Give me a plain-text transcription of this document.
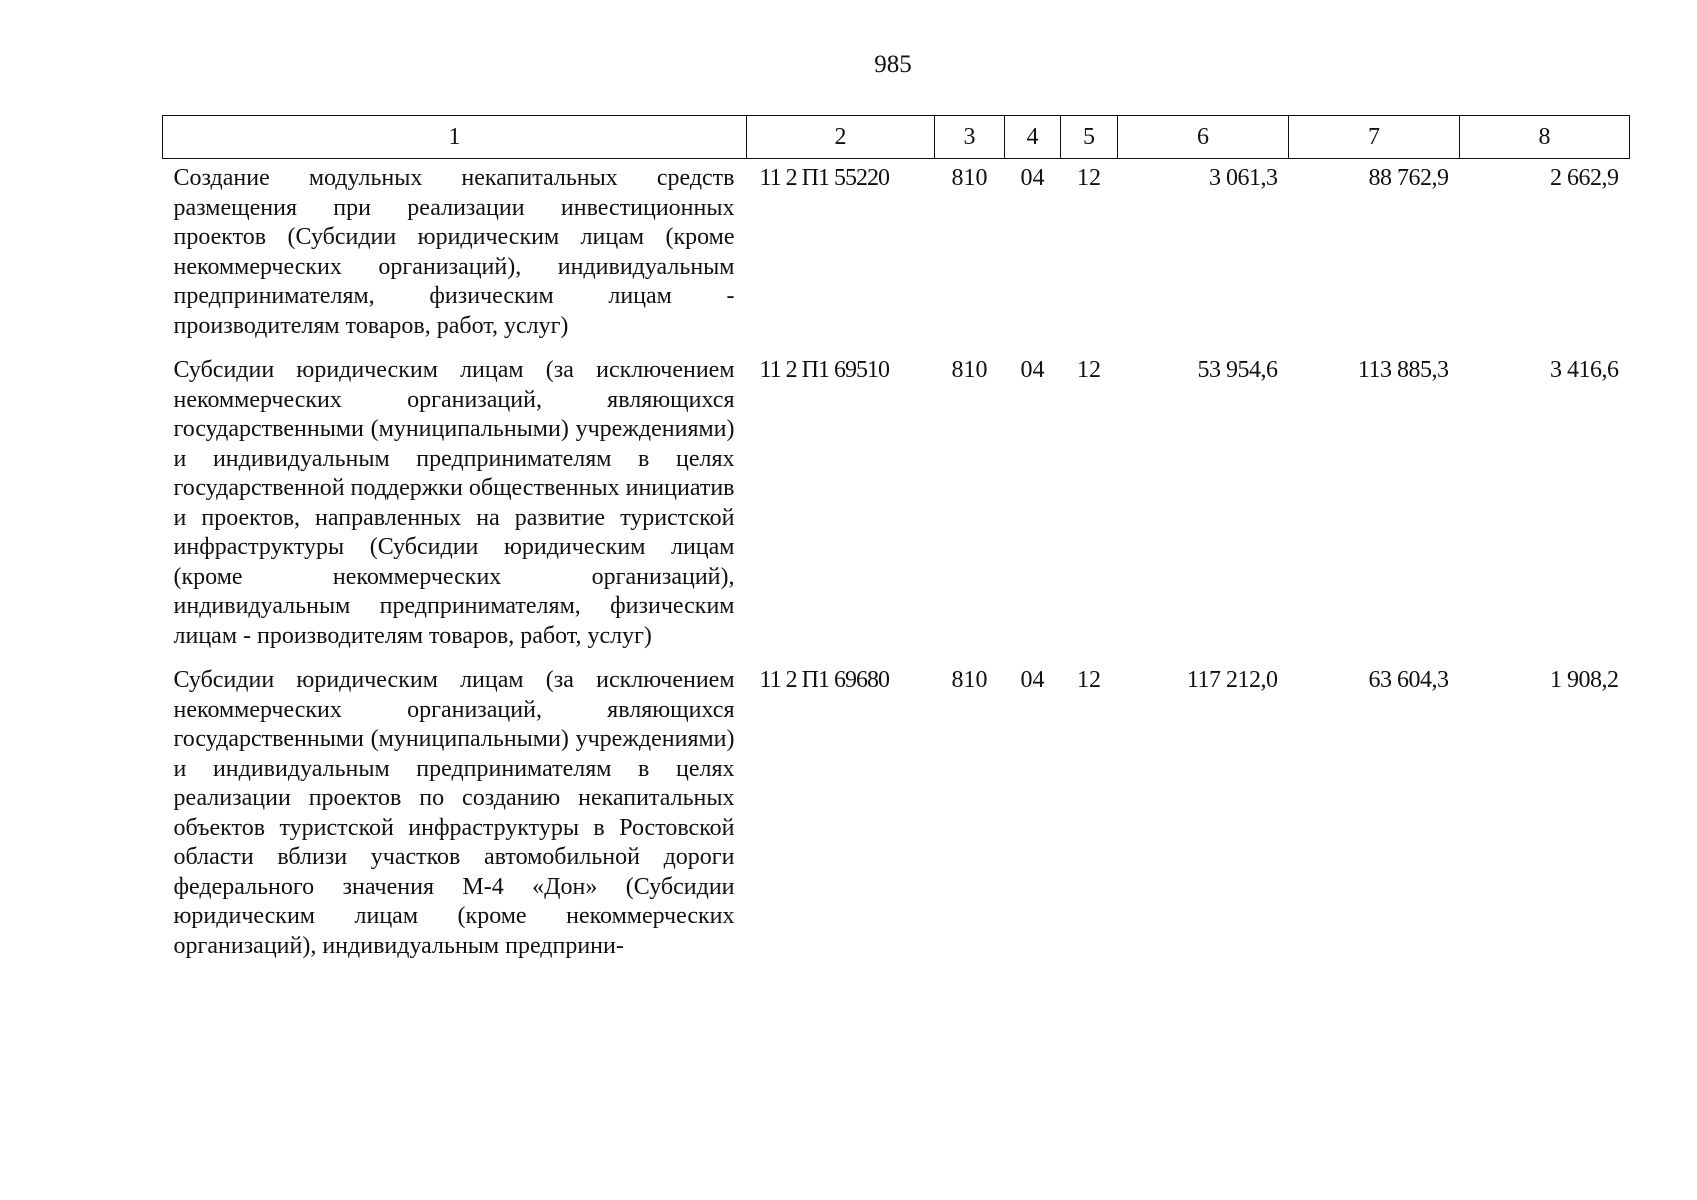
985
1	2	3	4	5	6	7	8
Создание модульных некапитальных средств размещения при реализации инвестиционных проектов (Субсидии юридическим лицам (кроме некоммерческих организаций), индивидуальным предпринимателям, физическим лицам - производителям товаров, работ, услуг)	11 2 П1 55220	810	04	12	3 061,3	88 762,9	2 662,9
Субсидии юридическим лицам (за исключением некоммерческих организаций, являющихся государственными (муниципальными) учреждениями) и индивидуальным предпринимателям в целях государственной поддержки общественных инициатив и проектов, направленных на развитие туристской инфраструктуры (Субсидии юридическим лицам (кроме некоммерческих организаций), индивидуальным предпринимателям, физическим лицам - производителям товаров, работ, услуг)	11 2 П1 69510	810	04	12	53 954,6	113 885,3	3 416,6
Субсидии юридическим лицам (за исключением некоммерческих организаций, являющихся государственными (муниципальными) учреждениями) и индивидуальным предпринимателям в целях реализации проектов по созданию некапитальных объектов туристской инфраструктуры в Ростовской области вблизи участков автомобильной дороги федерального значения М-4 «Дон» (Субсидии юридическим лицам (кроме некоммерческих организаций), индивидуальным предприни-	11 2 П1 69680	810	04	12	117 212,0	63 604,3	1 908,2
